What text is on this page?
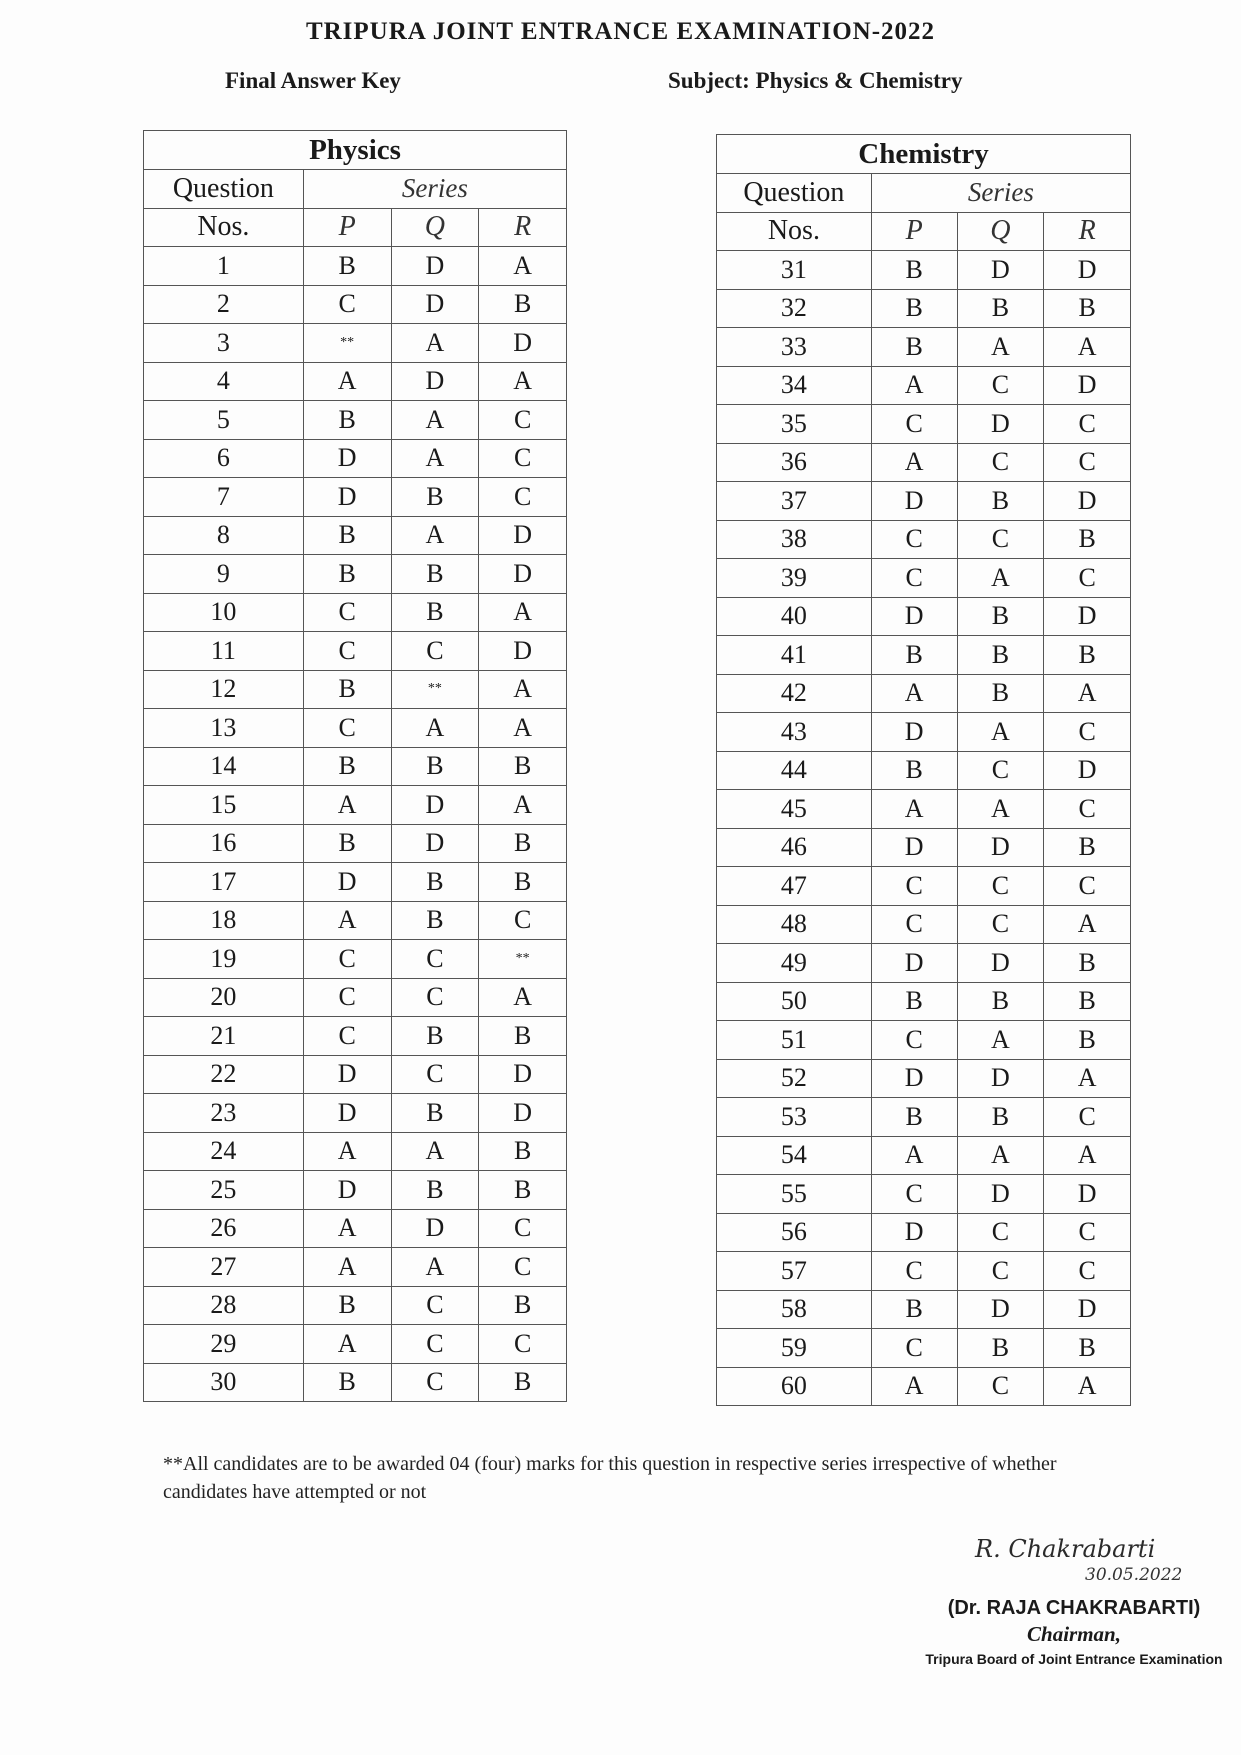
TRIPURA JOINT ENTRANCE EXAMINATION-2022
Final Answer Key	Subject: Physics & Chemistry
Physics			
Question	Series		
Nos.	P	Q	R
1	B	D	A
2	C	D	B
3	**	A	D
4	A	D	A
5	B	A	C
6	D	A	C
7	D	B	C
8	B	A	D
9	B	B	D
10	C	B	A
11	C	C	D
12	B	**	A
13	C	A	A
14	B	B	B
15	A	D	A
16	B	D	B
17	D	B	B
18	A	B	C
19	C	C	**
20	C	C	A
21	C	B	B
22	D	C	D
23	D	B	D
24	A	A	B
25	D	B	B
26	A	D	C
27	A	A	C
28	B	C	B
29	A	C	C
30	B	C	B
Chemistry			
Question	Series		
Nos.	P	Q	R
31	B	D	D
32	B	B	B
33	B	A	A
34	A	C	D
35	C	D	C
36	A	C	C
37	D	B	D
38	C	C	B
39	C	A	C
40	D	B	D
41	B	B	B
42	A	B	A
43	D	A	C
44	B	C	D
45	A	A	C
46	D	D	B
47	C	C	C
48	C	C	A
49	D	D	B
50	B	B	B
51	C	A	B
52	D	D	A
53	B	B	C
54	A	A	A
55	C	D	D
56	D	C	C
57	C	C	C
58	B	D	D
59	C	B	B
60	A	C	A
**All candidates are to be awarded 04 (four) marks for this question in respective series irrespective of whether candidates have attempted or not
R. Chakrabarti
30.05.2022
(Dr. RAJA CHAKRABARTI)
Chairman,
Tripura Board of Joint Entrance Examination
